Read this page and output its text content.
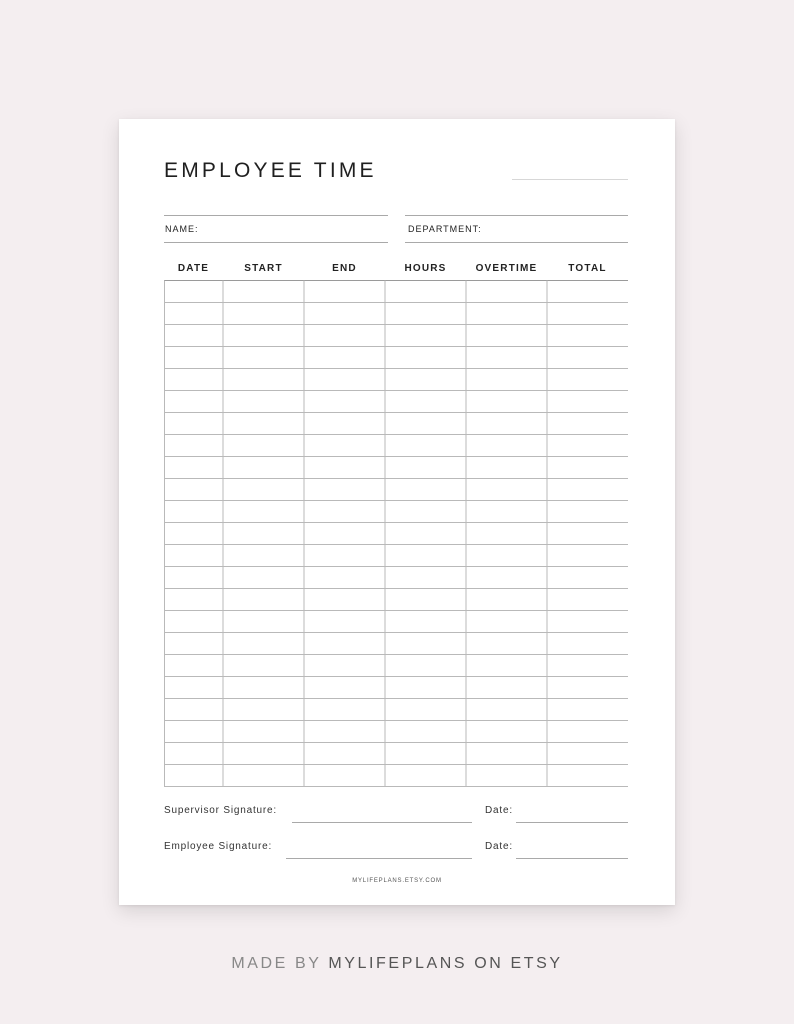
EMPLOYEE TIME
NAME:	DEPARTMENT:
DATE	START	END	HOURS	OVERTIME	TOTAL
Supervisor Signature:	Date:
Employee Signature:	Date:
MYLIFEPLANS.ETSY.COM
MADE BY MYLIFEPLANS ON ETSY
